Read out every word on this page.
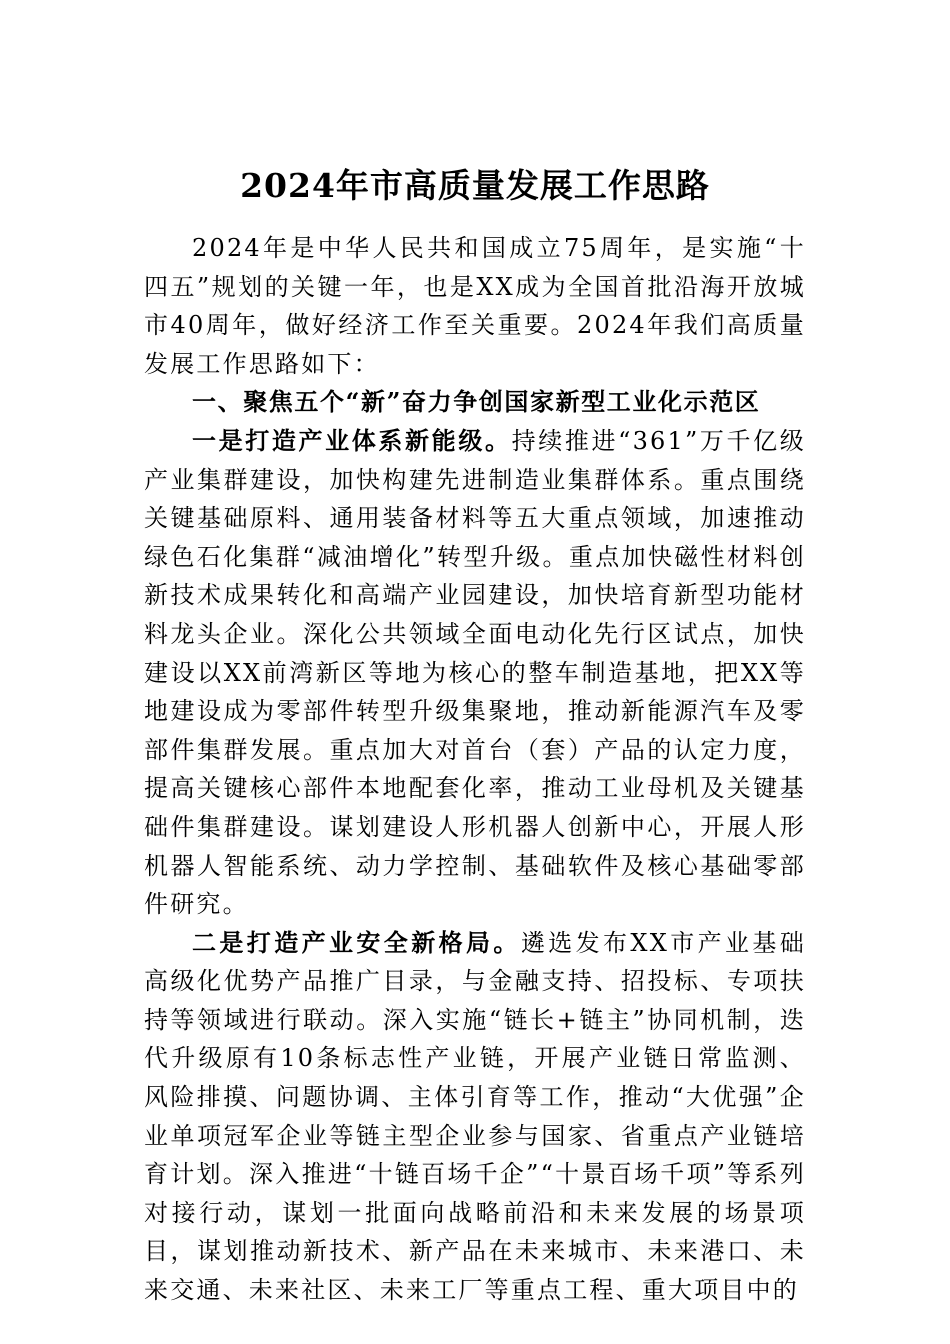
2024年市高质量发展工作思路

2024年是中华人民共和国成立75周年，是实施“十四五”规划的关键一年，也是XX成为全国首批沿海开放城市40周年，做好经济工作至关重要。2024年我们高质量发展工作思路如下：

一、聚焦五个“新”奋力争创国家新型工业化示范区

一是打造产业体系新能级。持续推进“361”万千亿级产业集群建设，加快构建先进制造业集群体系。重点围绕关键基础原料、通用装备材料等五大重点领域，加速推动绿色石化集群“减油增化”转型升级。重点加快磁性材料创新技术成果转化和高端产业园建设，加快培育新型功能材料龙头企业。深化公共领域全面电动化先行区试点，加快建设以XX前湾新区等地为核心的整车制造基地，把XX等地建设成为零部件转型升级集聚地，推动新能源汽车及零部件集群发展。重点加大对首台（套）产品的认定力度，提高关键核心部件本地配套化率，推动工业母机及关键基础件集群建设。谋划建设人形机器人创新中心，开展人形机器人智能系统、动力学控制、基础软件及核心基础零部件研究。

二是打造产业安全新格局。遴选发布XX市产业基础高级化优势产品推广目录，与金融支持、招投标、专项扶持等领域进行联动。深入实施“链长+链主”协同机制，迭代升级原有10条标志性产业链，开展产业链日常监测、风险排摸、问题协调、主体引育等工作，推动“大优强”企业单项冠军企业等链主型企业参与国家、省重点产业链培育计划。深入推进“十链百场千企”“十景百场千项”等系列对接行动，谋划一批面向战略前沿和未来发展的场景项目，谋划推动新技术、新产品在未来城市、未来港口、未来交通、未来社区、未来工厂等重点工程、重大项目中的
